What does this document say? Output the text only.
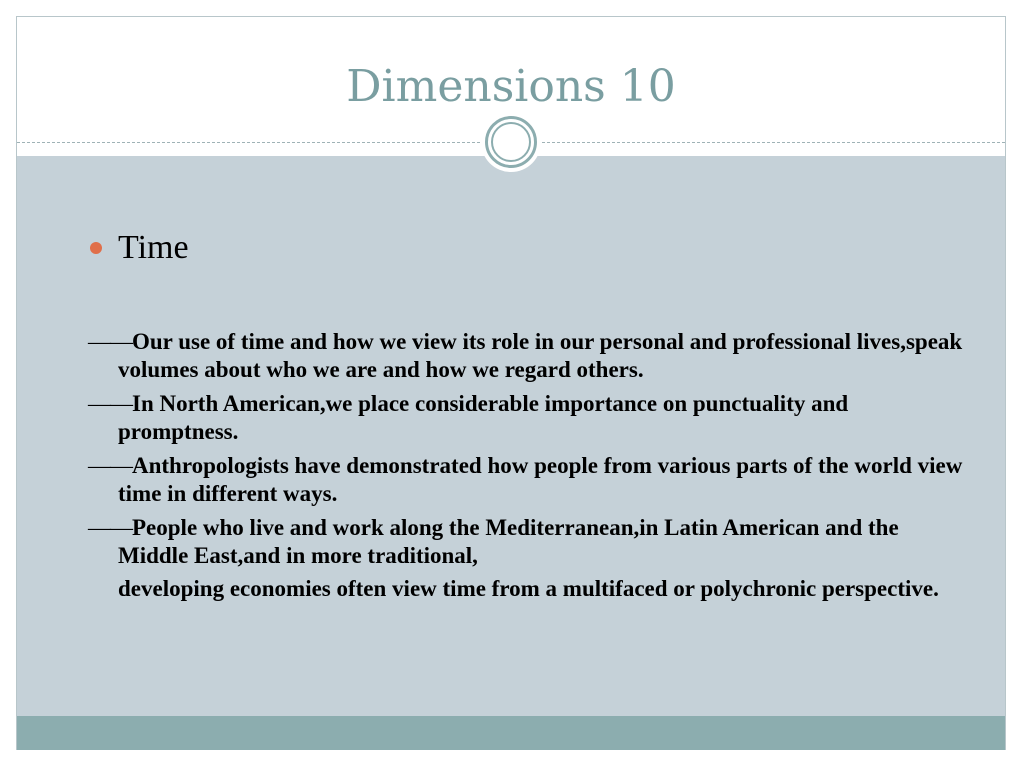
Dimensions 10
Time

——Our use of time and how we view its role in our personal and professional lives,speak volumes about who we are and how we regard others.

——In North American,we place considerable importance on punctuality and promptness.

——Anthropologists have demonstrated how people from various parts of the world view time in different ways.

——People who live and work along the Mediterranean,in Latin American and the Middle East,and in more traditional,

developing economies often view time from a multifaced or polychronic perspective.
